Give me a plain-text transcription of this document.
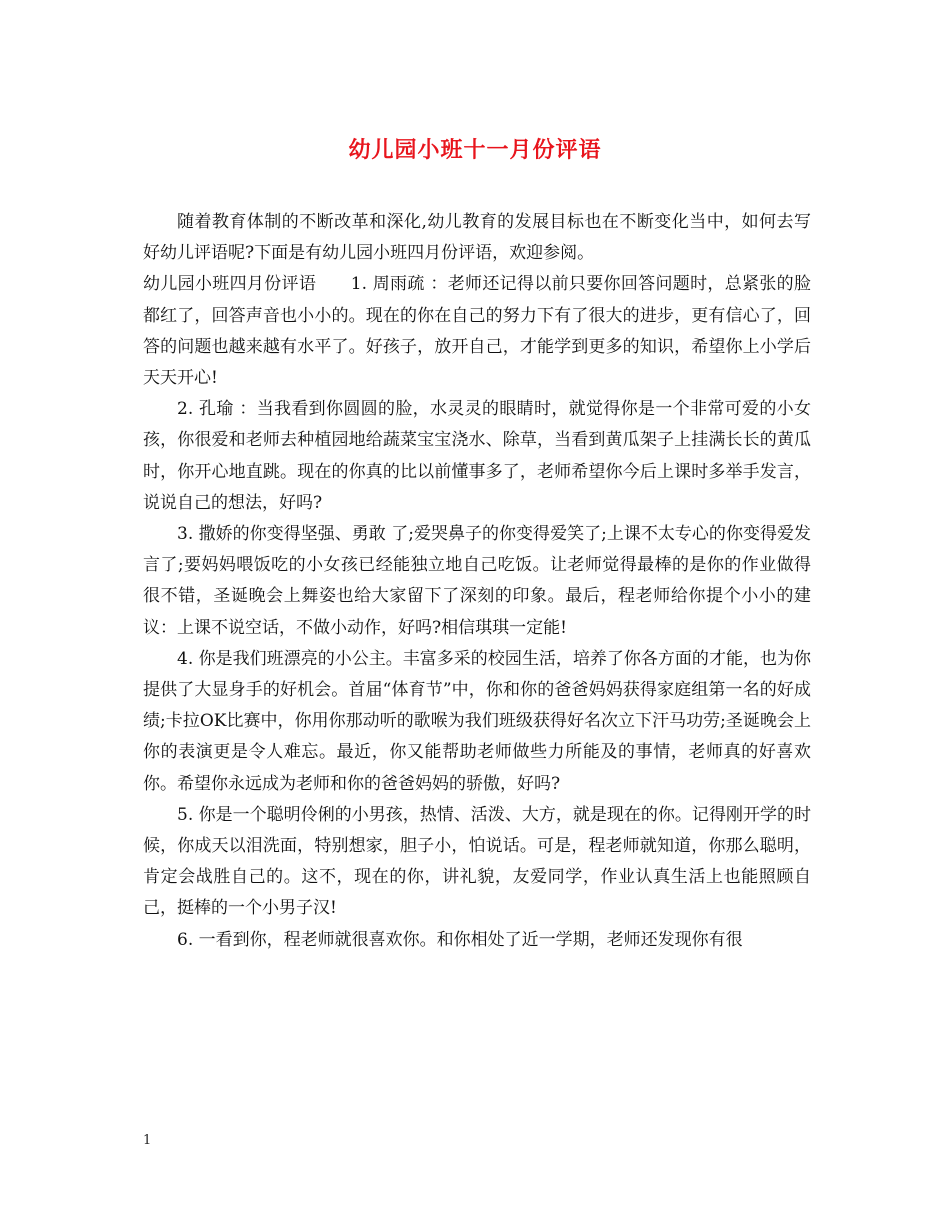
幼儿园小班十一月份评语

随着教育体制的不断改革和深化,幼儿教育的发展目标也在不断变化当中，如何去写好幼儿评语呢?下面是有幼儿园小班四月份评语，欢迎参阅。

幼儿园小班四月份评语　　1. 周雨疏 ：老师还记得以前只要你回答问题时，总紧张的脸都红了，回答声音也小小的。现在的你在自己的努力下有了很大的进步，更有信心了，回答的问题也越来越有水平了。好孩子，放开自己，才能学到更多的知识，希望你上小学后天天开心!

2. 孔瑜 ：当我看到你圆圆的脸，水灵灵的眼睛时，就觉得你是一个非常可爱的小女孩，你很爱和老师去种植园地给蔬菜宝宝浇水、除草，当看到黄瓜架子上挂满长长的黄瓜时，你开心地直跳。现在的你真的比以前懂事多了，老师希望你今后上课时多举手发言，说说自己的想法，好吗?

3. 撒娇的你变得坚强、勇敢 了;爱哭鼻子的你变得爱笑了;上课不太专心的你变得爱发言了;要妈妈喂饭吃的小女孩已经能独立地自己吃饭。让老师觉得最棒的是你的作业做得很不错，圣诞晚会上舞姿也给大家留下了深刻的印象。最后，程老师给你提个小小的建议：上课不说空话，不做小动作，好吗?相信琪琪一定能!

4. 你是我们班漂亮的小公主。丰富多采的校园生活，培养了你各方面的才能，也为你提供了大显身手的好机会。首届“体育节”中，你和你的爸爸妈妈获得家庭组第一名的好成绩;卡拉OK比赛中，你用你那动听的歌喉为我们班级获得好名次立下汗马功劳;圣诞晚会上你的表演更是令人难忘。最近，你又能帮助老师做些力所能及的事情，老师真的好喜欢你。希望你永远成为老师和你的爸爸妈妈的骄傲，好吗?

5. 你是一个聪明伶俐的小男孩，热情、活泼、大方，就是现在的你。记得刚开学的时候，你成天以泪洗面，特别想家，胆子小，怕说话。可是，程老师就知道，你那么聪明，肯定会战胜自己的。这不，现在的你，讲礼貌，友爱同学，作业认真生活上也能照顾自己，挺棒的一个小男子汉!

6. 一看到你，程老师就很喜欢你。和你相处了近一学期，老师还发现你有很

1
